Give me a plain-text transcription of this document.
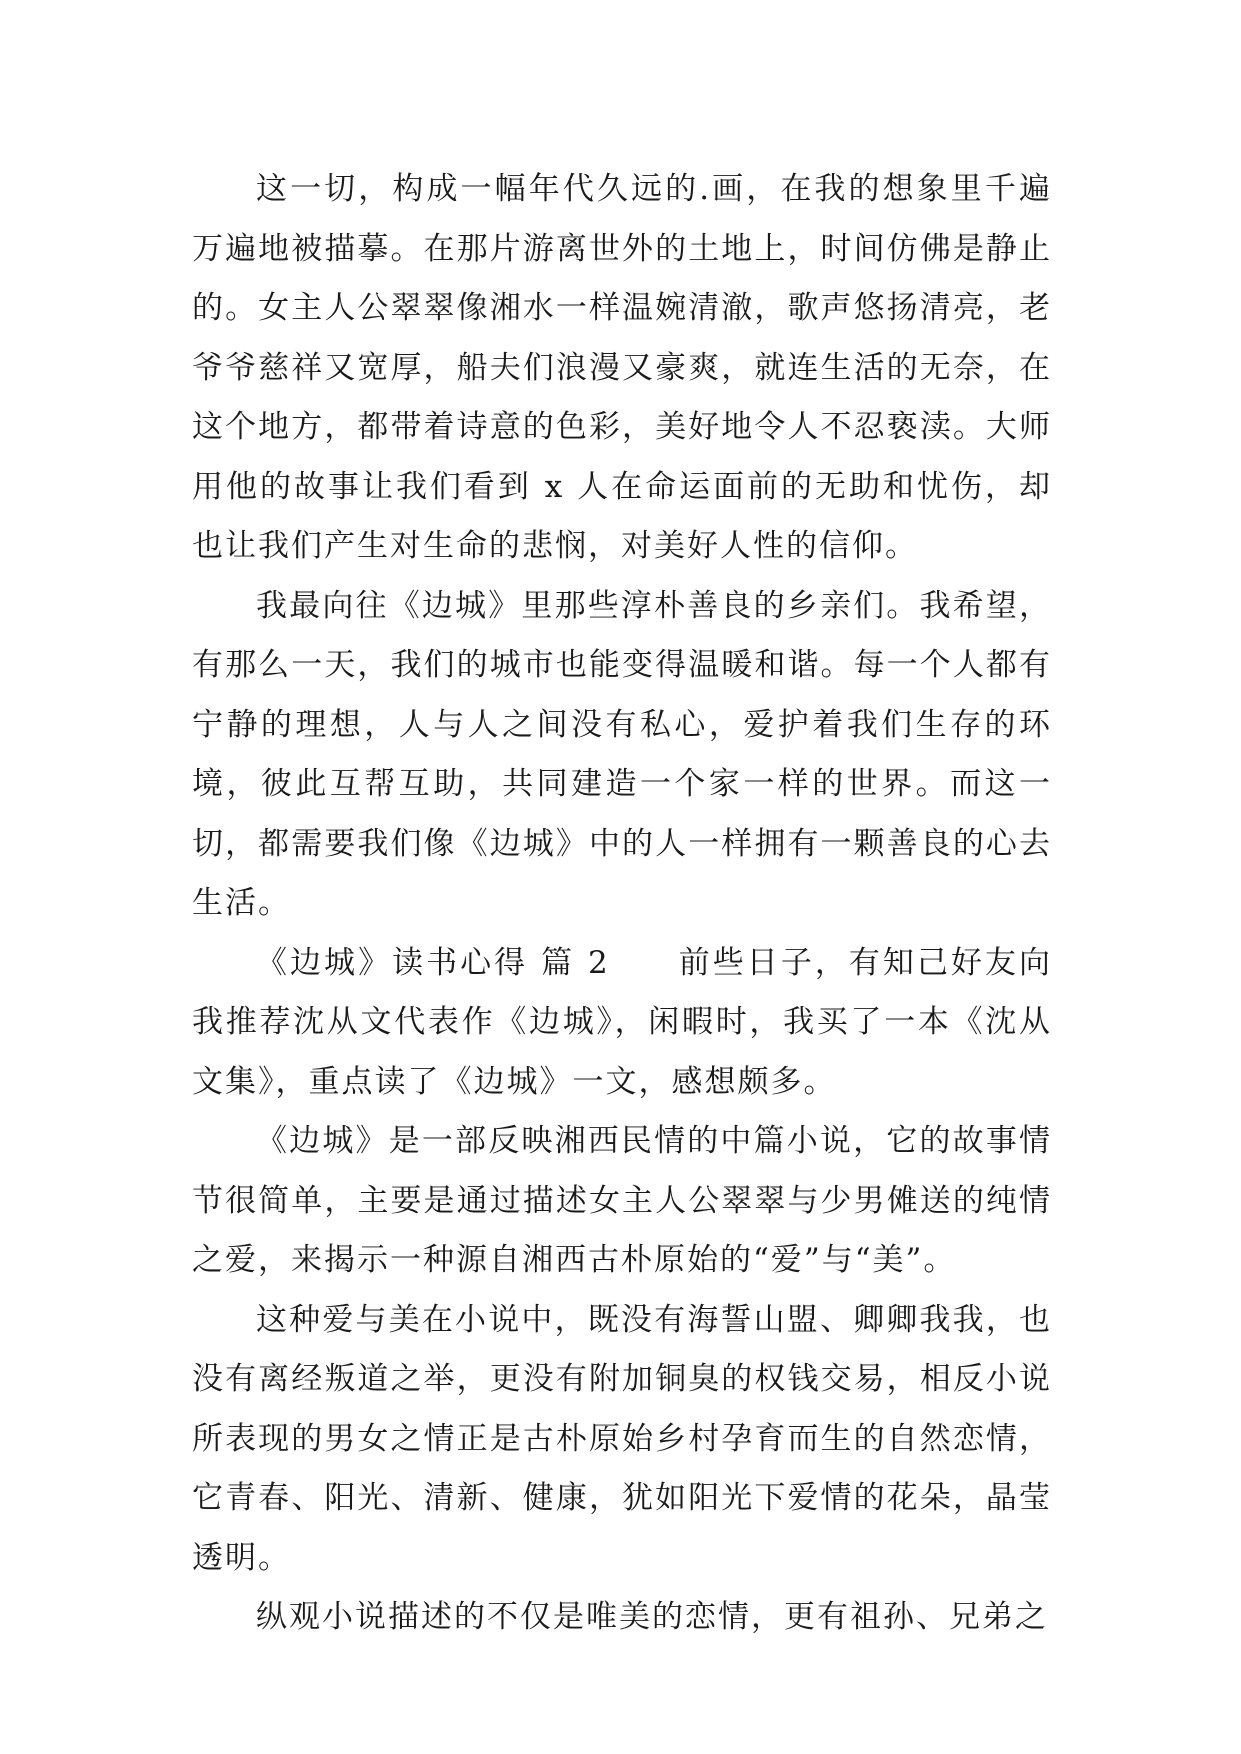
这一切，构成一幅年代久远的.画，在我的想象里千遍万遍地被描摹。在那片游离世外的土地上，时间仿佛是静止的。女主人公翠翠像湘水一样温婉清澈，歌声悠扬清亮，老爷爷慈祥又宽厚，船夫们浪漫又豪爽，就连生活的无奈，在这个地方，都带着诗意的色彩，美好地令人不忍亵渎。大师用他的故事让我们看到 x 人在命运面前的无助和忧伤，却也让我们产生对生命的悲悯，对美好人性的信仰。

我最向往《边城》里那些淳朴善良的乡亲们。我希望，有那么一天，我们的城市也能变得温暖和谐。每一个人都有宁静的理想，人与人之间没有私心，爱护着我们生存的环境，彼此互帮互助，共同建造一个家一样的世界。而这一切，都需要我们像《边城》中的人一样拥有一颗善良的心去生活。

《边城》读书心得 篇 2　　前些日子，有知己好友向我推荐沈从文代表作《边城》，闲暇时，我买了一本《沈从文集》，重点读了《边城》一文，感想颇多。

《边城》是一部反映湘西民情的中篇小说，它的故事情节很简单，主要是通过描述女主人公翠翠与少男傩送的纯情之爱，来揭示一种源自湘西古朴原始的“爱”与“美”。

这种爱与美在小说中，既没有海誓山盟、卿卿我我，也没有离经叛道之举，更没有附加铜臭的权钱交易，相反小说所表现的男女之情正是古朴原始乡村孕育而生的自然恋情，它青春、阳光、清新、健康，犹如阳光下爱情的花朵，晶莹透明。

纵观小说描述的不仅是唯美的恋情，更有祖孙、兄弟之
